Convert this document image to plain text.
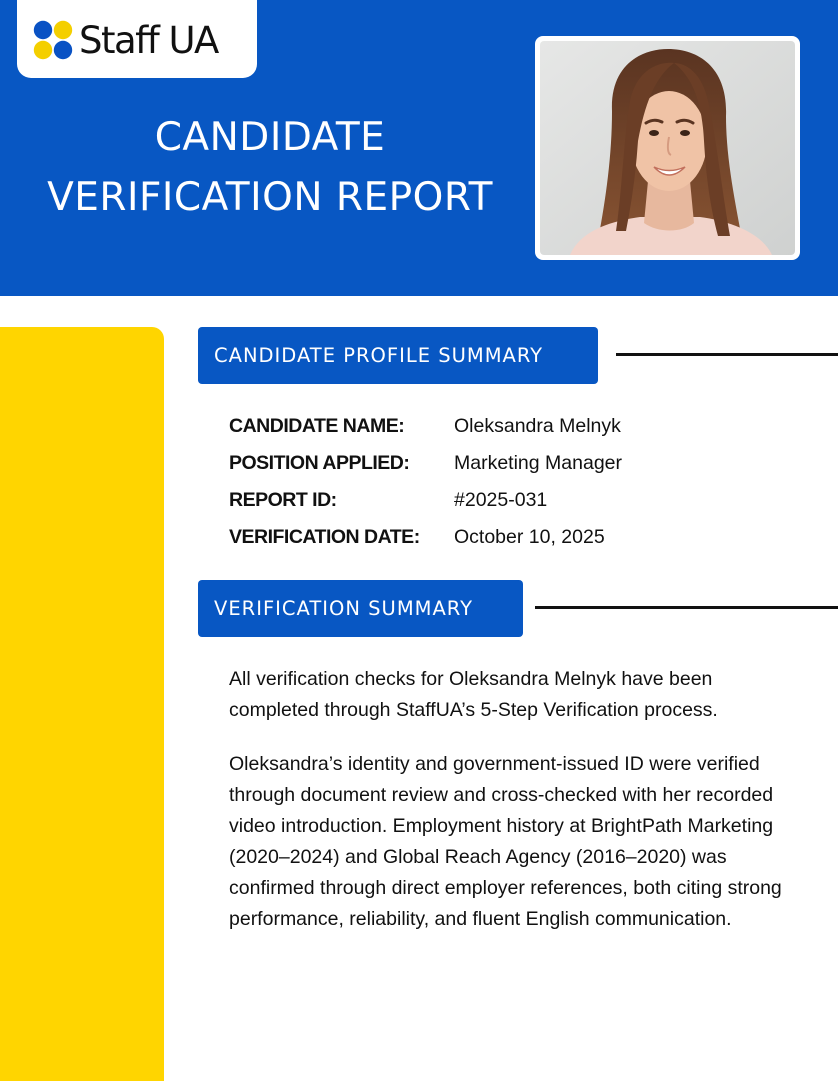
Staff UA
CANDIDATE
VERIFICATION REPORT
CANDIDATE PROFILE SUMMARY
CANDIDATE NAME:	Oleksandra Melnyk
POSITION APPLIED: Marketing Manager
REPORT ID:	#2025-031
VERIFICATION DATE: October 10, 2025
VERIFICATION SUMMARY

All verification checks for Oleksandra Melnyk have been completed through StaffUA’s 5-Step Verification process.

Oleksandra’s identity and government-issued ID were verified through document review and cross-checked with her recorded video introduction. Employment history at BrightPath Marketing (2020–2024) and Global Reach Agency (2016–2020) was confirmed through direct employer references, both citing strong performance, reliability, and fluent English communication.
